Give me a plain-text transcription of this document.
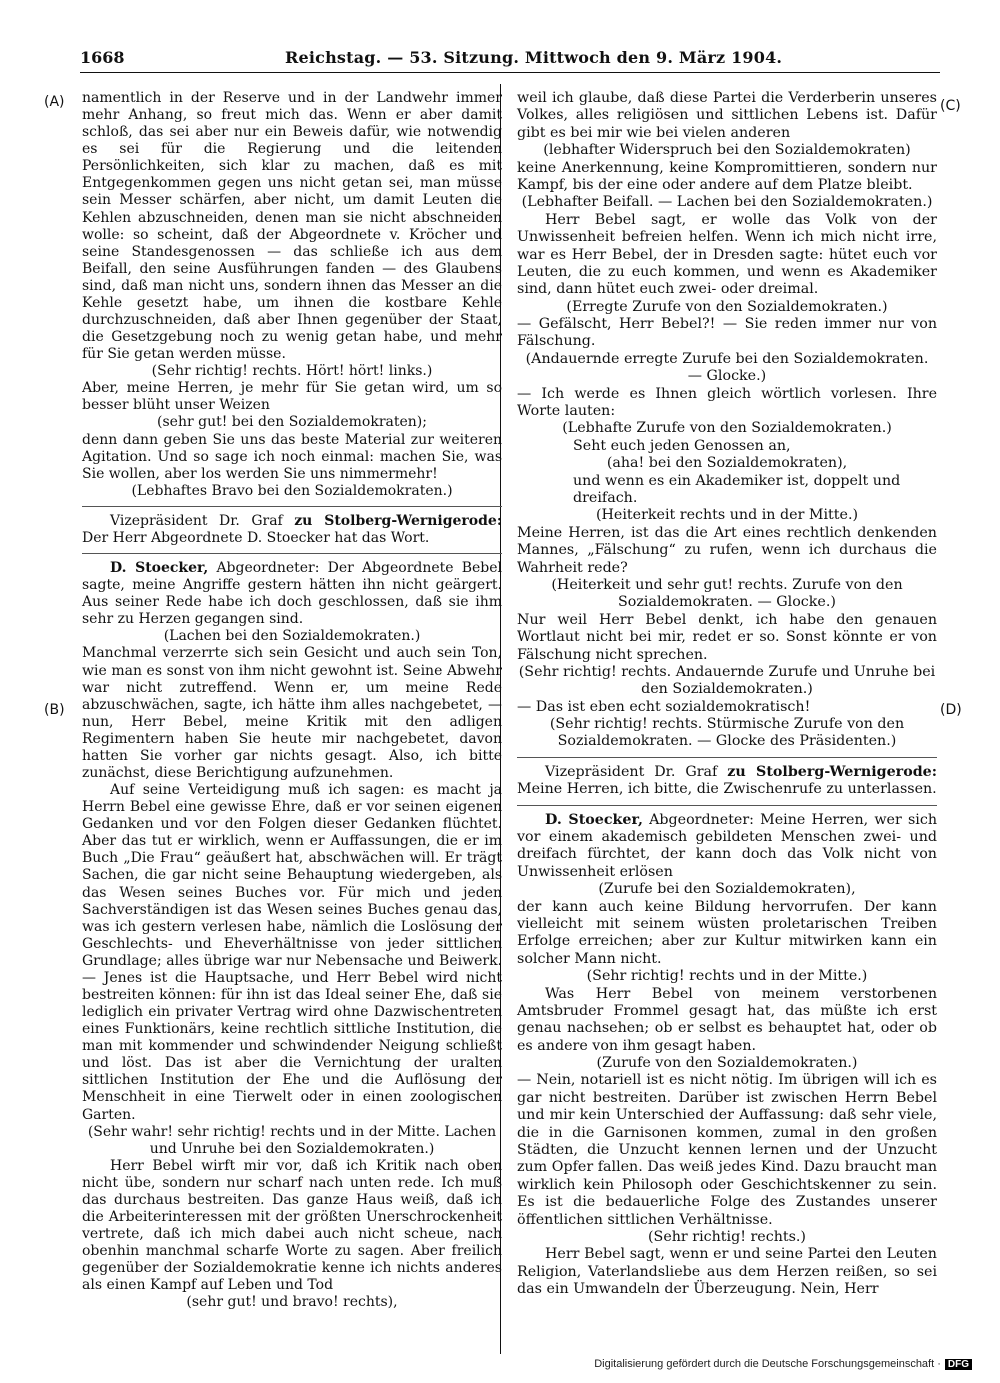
1668	Reichstag. — 53. Sitzung. Mittwoch den 9. März 1904.
(A)
(B)
(C)
(D)

namentlich in der Reserve und in der Landwehr immer mehr Anhang, so freut mich das. Wenn er aber damit schloß, das sei aber nur ein Beweis dafür, wie notwendig es sei für die Regierung und die leitenden Persönlichkeiten, sich klar zu machen, daß es mit Entgegenkommen gegen uns nicht getan sei, man müsse sein Messer schärfen, aber nicht, um damit Leuten die Kehlen abzuschneiden, denen man sie nicht abschneiden wolle: so scheint, daß der Abgeordnete v. Kröcher und seine Standesgenossen — das schließe ich aus dem Beifall, den seine Ausführungen fanden — des Glaubens sind, daß man nicht uns, sondern ihnen das Messer an die Kehle gesetzt habe, um ihnen die kostbare Kehle durchzuschneiden, daß aber Ihnen gegenüber der Staat, die Gesetzgebung noch zu wenig getan habe, und mehr für Sie getan werden müsse.

(Sehr richtig! rechts. Hört! hört! links.)

Aber, meine Herren, je mehr für Sie getan wird, um so besser blüht unser Weizen

(sehr gut! bei den Sozialdemokraten);

denn dann geben Sie uns das beste Material zur weiteren Agitation. Und so sage ich noch einmal: machen Sie, was Sie wollen, aber los werden Sie uns nimmermehr!

(Lebhaftes Bravo bei den Sozialdemokraten.)

Vizepräsident Dr. Graf zu Stolberg-Wernigerode: Der Herr Abgeordnete D. Stoecker hat das Wort.

D. Stoecker, Abgeordneter: Der Abgeordnete Bebel sagte, meine Angriffe gestern hätten ihn nicht geärgert. Aus seiner Rede habe ich doch geschlossen, daß sie ihm sehr zu Herzen gegangen sind.

(Lachen bei den Sozialdemokraten.)

Manchmal verzerrte sich sein Gesicht und auch sein Ton, wie man es sonst von ihm nicht gewohnt ist. Seine Abwehr war nicht zutreffend. Wenn er, um meine Rede abzuschwächen, sagte, ich hätte ihm alles nachgebetet, — nun, Herr Bebel, meine Kritik mit den adligen Regimentern haben Sie heute mir nachgebetet, davon hatten Sie vorher gar nichts gesagt. Also, ich bitte zunächst, diese Berichtigung aufzunehmen.

Auf seine Verteidigung muß ich sagen: es macht ja Herrn Bebel eine gewisse Ehre, daß er vor seinen eigenen Gedanken und vor den Folgen dieser Gedanken flüchtet. Aber das tut er wirklich, wenn er Auffassungen, die er im Buch „Die Frau“ geäußert hat, abschwächen will. Er trägt Sachen, die gar nicht seine Behauptung wiedergeben, als das Wesen seines Buches vor. Für mich und jeden Sachverständigen ist das Wesen seines Buches genau das, was ich gestern verlesen habe, nämlich die Loslösung der Geschlechts- und Eheverhältnisse von jeder sittlichen Grundlage; alles übrige war nur Nebensache und Beiwerk. — Jenes ist die Hauptsache, und Herr Bebel wird nicht bestreiten können: für ihn ist das Ideal seiner Ehe, daß sie lediglich ein privater Vertrag wird ohne Dazwischentreten eines Funktionärs, keine rechtlich sittliche Institution, die man mit kommender und schwindender Neigung schließt und löst. Das ist aber die Vernichtung der uralten sittlichen Institution der Ehe und die Auflösung der Menschheit in eine Tierwelt oder in einen zoologischen Garten.

(Sehr wahr! sehr richtig! rechts und in der Mitte. Lachen und Unruhe bei den Sozialdemokraten.)

Herr Bebel wirft mir vor, daß ich Kritik nach oben nicht übe, sondern nur scharf nach unten rede. Ich muß das durchaus bestreiten. Das ganze Haus weiß, daß ich die Arbeiterinteressen mit der größten Unerschrockenheit vertrete, daß ich mich dabei auch nicht scheue, nach obenhin manchmal scharfe Worte zu sagen. Aber freilich gegenüber der Sozialdemokratie kenne ich nichts anderes als einen Kampf auf Leben und Tod

(sehr gut! und bravo! rechts),

weil ich glaube, daß diese Partei die Verderberin unseres Volkes, alles religiösen und sittlichen Lebens ist. Dafür gibt es bei mir wie bei vielen anderen

(lebhafter Widerspruch bei den Sozialdemokraten)

keine Anerkennung, keine Kompromittieren, sondern nur Kampf, bis der eine oder andere auf dem Platze bleibt.

(Lebhafter Beifall. — Lachen bei den Sozialdemokraten.)

Herr Bebel sagt, er wolle das Volk von der Unwissenheit befreien helfen. Wenn ich mich nicht irre, war es Herr Bebel, der in Dresden sagte: hütet euch vor Leuten, die zu euch kommen, und wenn es Akademiker sind, dann hütet euch zwei- oder dreimal.

(Erregte Zurufe von den Sozialdemokraten.)

— Gefälscht, Herr Bebel?! — Sie reden immer nur von Fälschung.

(Andauernde erregte Zurufe bei den Sozialdemokraten. — Glocke.)

— Ich werde es Ihnen gleich wörtlich vorlesen. Ihre Worte lauten:

(Lebhafte Zurufe von den Sozialdemokraten.)

Seht euch jeden Genossen an,

(aha! bei den Sozialdemokraten),

und wenn es ein Akademiker ist, doppelt und dreifach.

(Heiterkeit rechts und in der Mitte.)

Meine Herren, ist das die Art eines rechtlich denkenden Mannes, „Fälschung“ zu rufen, wenn ich durchaus die Wahrheit rede?

(Heiterkeit und sehr gut! rechts. Zurufe von den Sozialdemokraten. — Glocke.)

Nur weil Herr Bebel denkt, ich habe den genauen Wortlaut nicht bei mir, redet er so. Sonst könnte er von Fälschung nicht sprechen.

(Sehr richtig! rechts. Andauernde Zurufe und Unruhe bei den Sozialdemokraten.)

— Das ist eben echt sozialdemokratisch!

(Sehr richtig! rechts. Stürmische Zurufe von den Sozialdemokraten. — Glocke des Präsidenten.)

Vizepräsident Dr. Graf zu Stolberg-Wernigerode: Meine Herren, ich bitte, die Zwischenrufe zu unterlassen.

D. Stoecker, Abgeordneter: Meine Herren, wer sich vor einem akademisch gebildeten Menschen zwei- und dreifach fürchtet, der kann doch das Volk nicht von Unwissenheit erlösen

(Zurufe bei den Sozialdemokraten),

der kann auch keine Bildung hervorrufen. Der kann vielleicht mit seinem wüsten proletarischen Treiben Erfolge erreichen; aber zur Kultur mitwirken kann ein solcher Mann nicht.

(Sehr richtig! rechts und in der Mitte.)

Was Herr Bebel von meinem verstorbenen Amtsbruder Frommel gesagt hat, das müßte ich erst genau nachsehen; ob er selbst es behauptet hat, oder ob es andere von ihm gesagt haben.

(Zurufe von den Sozialdemokraten.)

— Nein, notariell ist es nicht nötig. Im übrigen will ich es gar nicht bestreiten. Darüber ist zwischen Herrn Bebel und mir kein Unterschied der Auffassung: daß sehr viele, die in die Garnisonen kommen, zumal in den großen Städten, die Unzucht kennen lernen und der Unzucht zum Opfer fallen. Das weiß jedes Kind. Dazu braucht man wirklich kein Philosoph oder Geschichtskenner zu sein. Es ist die bedauerliche Folge des Zustandes unserer öffentlichen sittlichen Verhältnisse.

(Sehr richtig! rechts.)

Herr Bebel sagt, wenn er und seine Partei den Leuten Religion, Vaterlandsliebe aus dem Herzen reißen, so sei das ein Umwandeln der Überzeugung. Nein, Herr

Digitalisierung gefördert durch die Deutsche Forschungsgemeinschaft · DFG
